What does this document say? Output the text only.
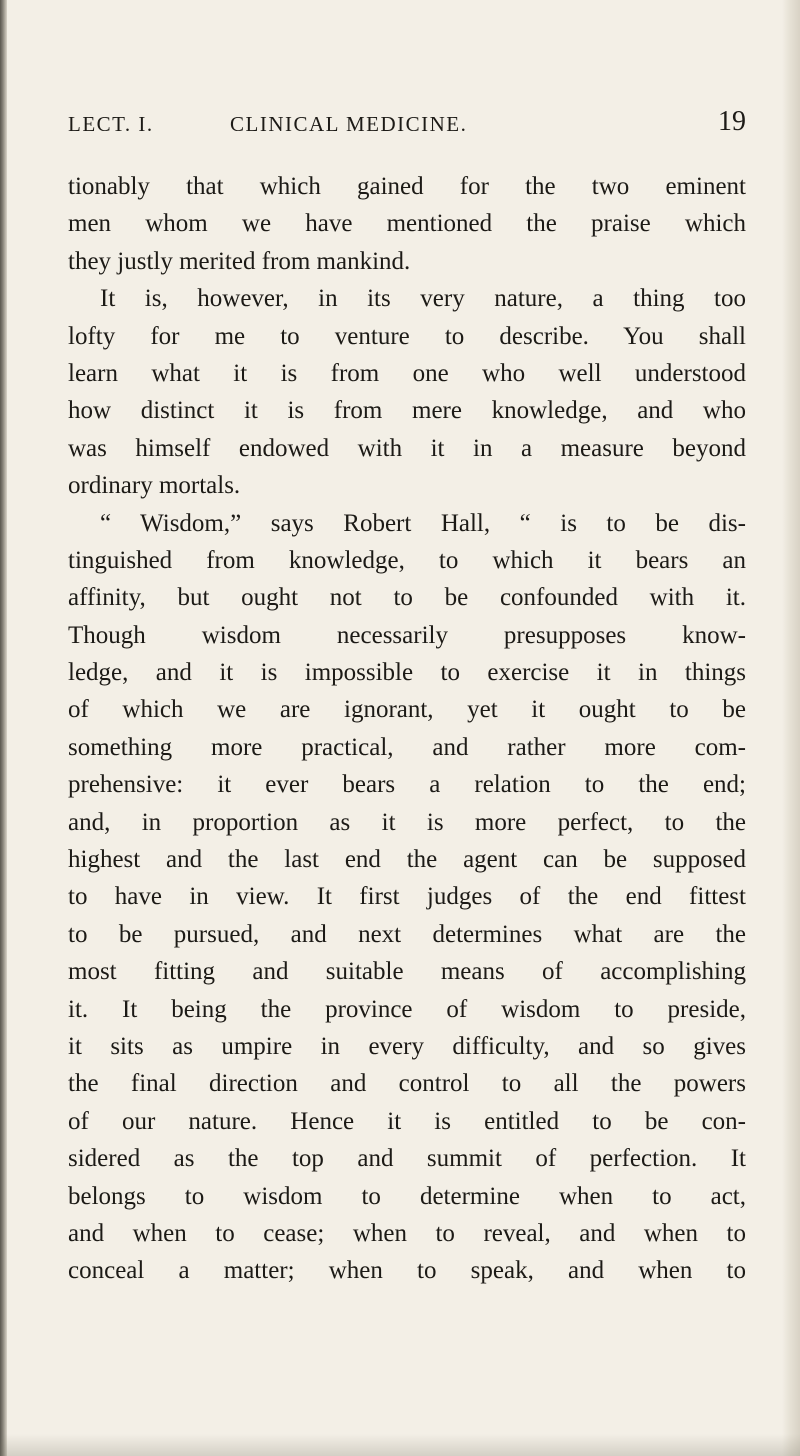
LECT. I.	CLINICAL MEDICINE.	19
tionably that which gained for the two eminent
men whom we have mentioned the praise which
they justly merited from mankind.
It is, however, in its very nature, a thing too
lofty for me to venture to describe. You shall
learn what it is from one who well understood
how distinct it is from mere knowledge, and who
was himself endowed with it in a measure beyond
ordinary mortals.
“ Wisdom,” says Robert Hall, “ is to be dis-
tinguished from knowledge, to which it bears an
affinity, but ought not to be confounded with it.
Though wisdom necessarily presupposes know-
ledge, and it is impossible to exercise it in things
of which we are ignorant, yet it ought to be
something more practical, and rather more com-
prehensive: it ever bears a relation to the end;
and, in proportion as it is more perfect, to the
highest and the last end the agent can be supposed
to have in view. It first judges of the end fittest
to be pursued, and next determines what are the
most fitting and suitable means of accomplishing
it. It being the province of wisdom to preside,
it sits as umpire in every difficulty, and so gives
the final direction and control to all the powers
of our nature. Hence it is entitled to be con-
sidered as the top and summit of perfection. It
belongs to wisdom to determine when to act,
and when to cease; when to reveal, and when to
conceal a matter; when to speak, and when to
